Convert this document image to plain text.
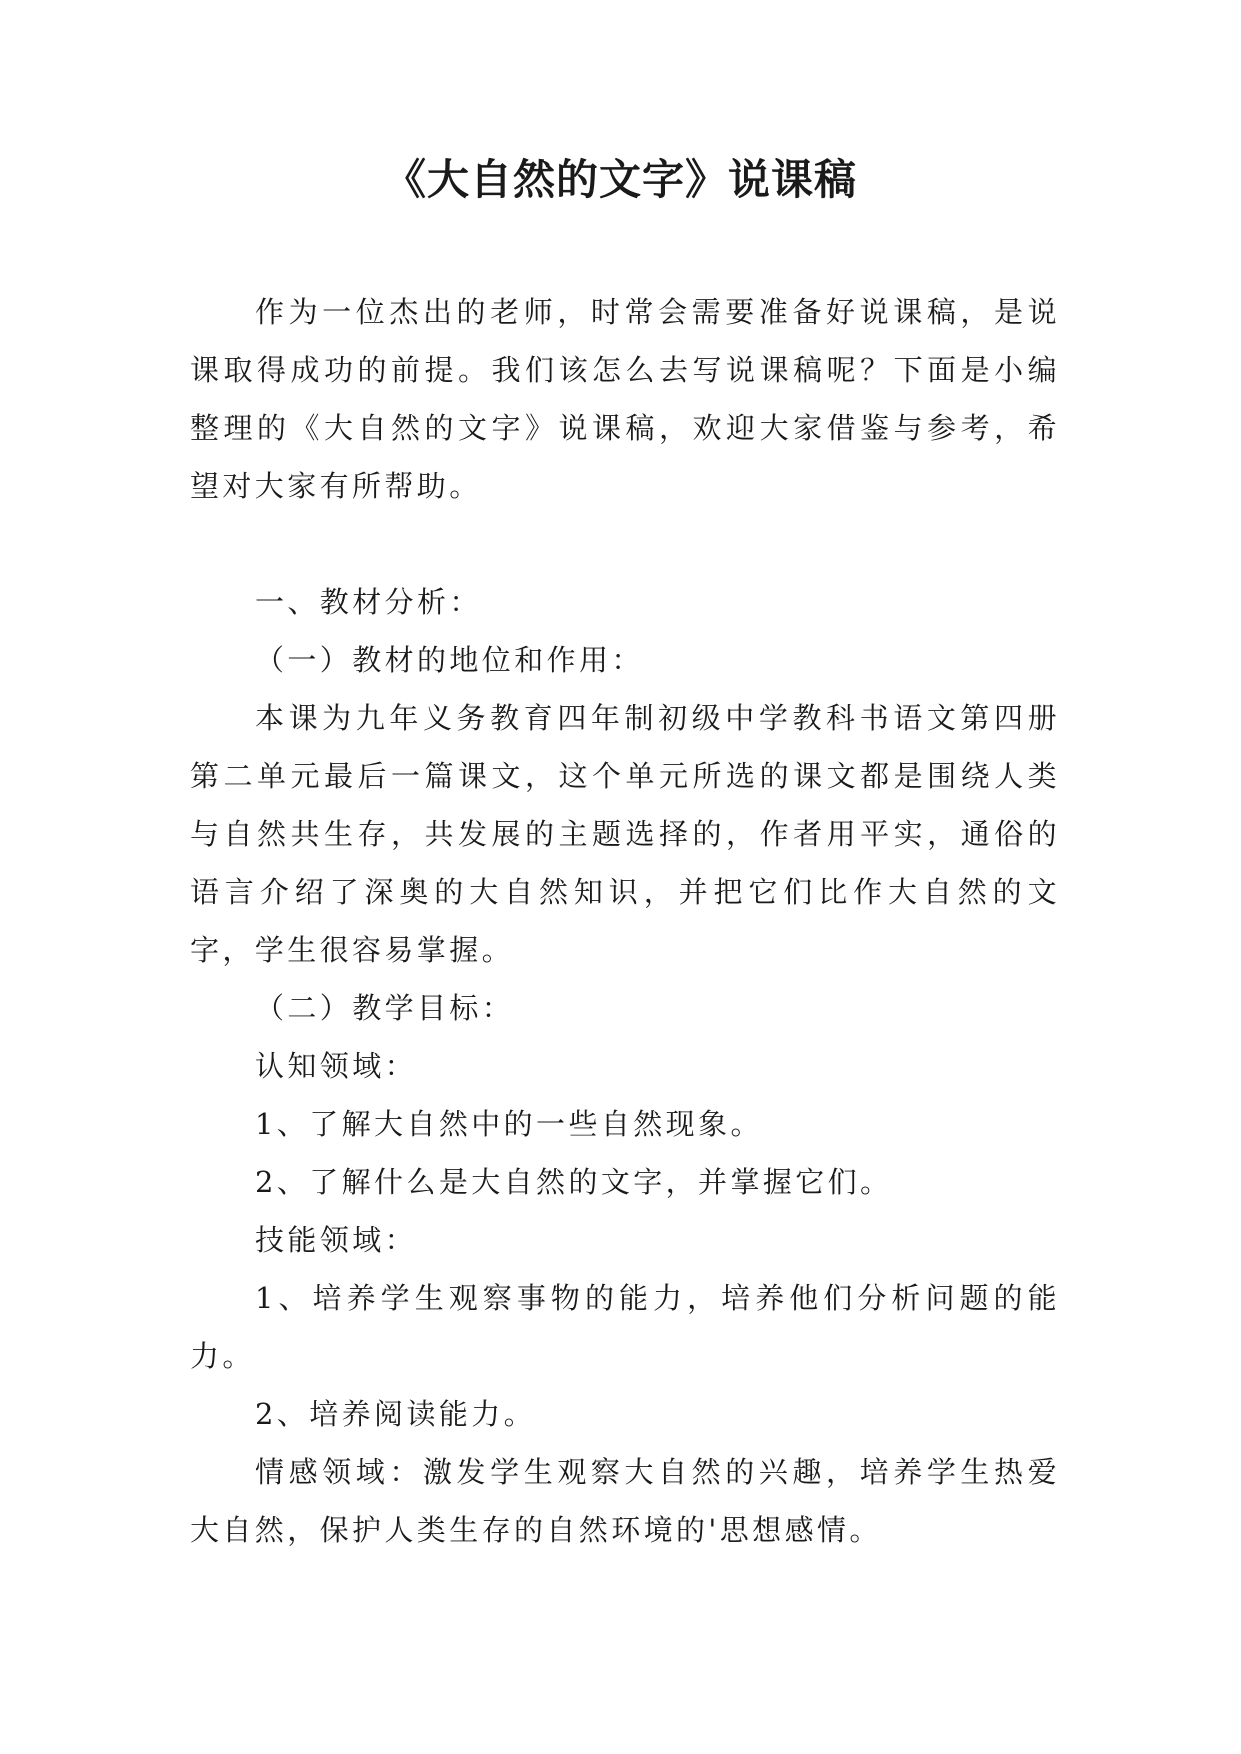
《大自然的文字》说课稿

作为一位杰出的老师，时常会需要准备好说课稿，是说课取得成功的前提。我们该怎么去写说课稿呢？下面是小编整理的《大自然的文字》说课稿，欢迎大家借鉴与参考，希望对大家有所帮助。

一、教材分析：

（一）教材的地位和作用：

本课为九年义务教育四年制初级中学教科书语文第四册第二单元最后一篇课文，这个单元所选的课文都是围绕人类与自然共生存，共发展的主题选择的，作者用平实，通俗的语言介绍了深奥的大自然知识，并把它们比作大自然的文字，学生很容易掌握。

（二）教学目标：

认知领域：

1、了解大自然中的一些自然现象。

2、了解什么是大自然的文字，并掌握它们。

技能领域：

1、培养学生观察事物的能力，培养他们分析问题的能力。

2、培养阅读能力。

情感领域：激发学生观察大自然的兴趣，培养学生热爱大自然，保护人类生存的自然环境的'思想感情。
